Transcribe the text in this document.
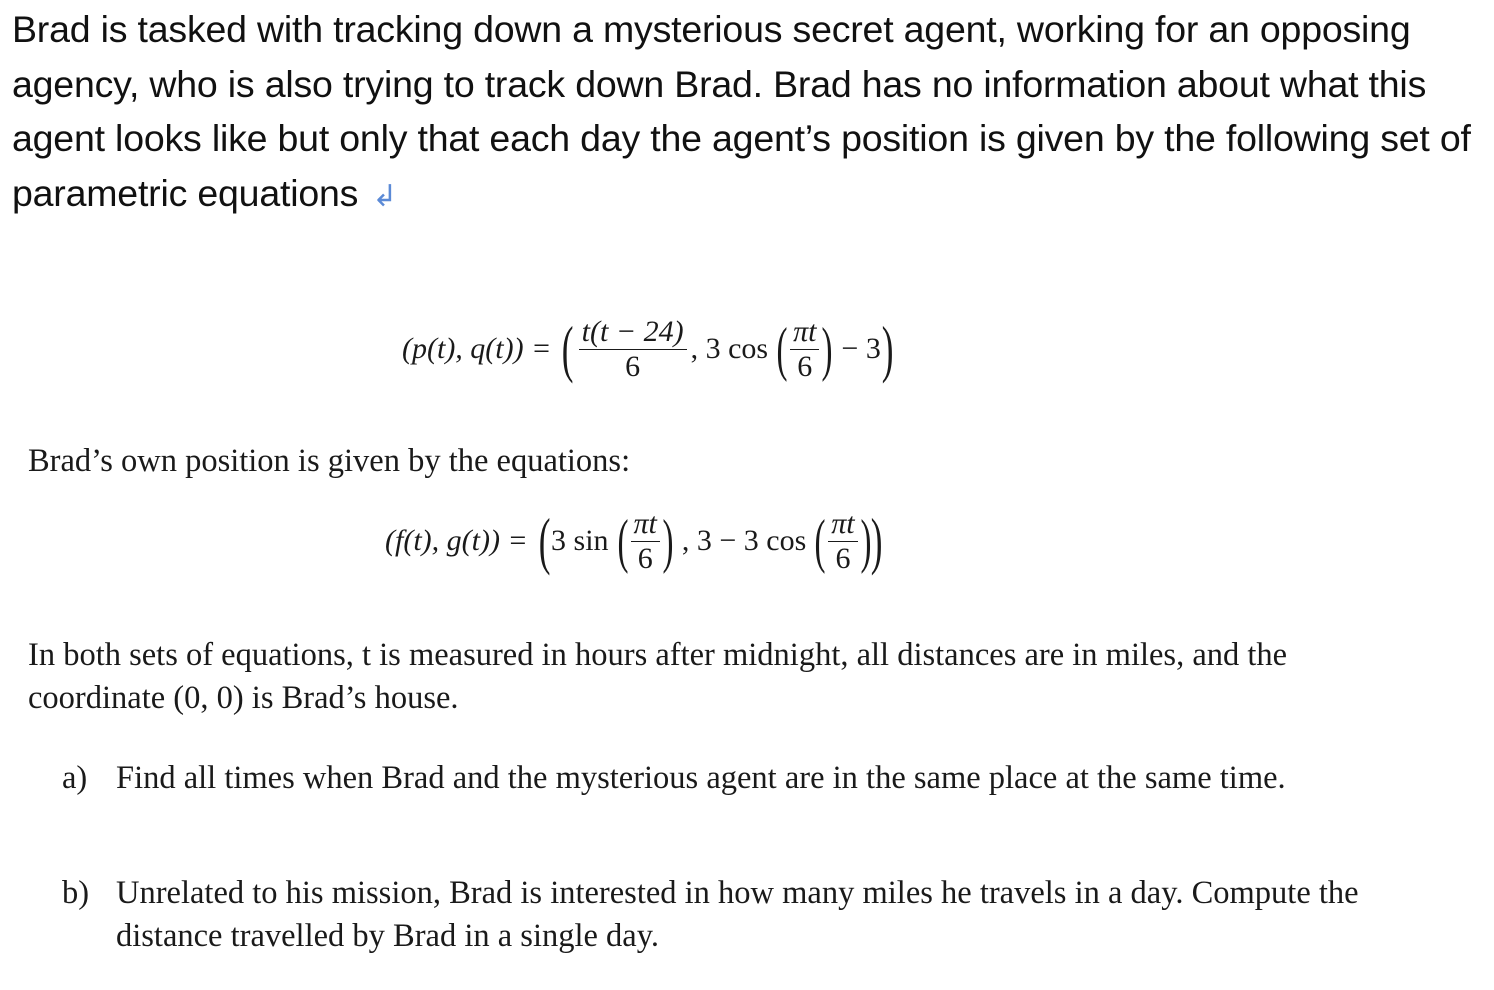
Brad is tasked with tracking down a mysterious secret agent, working for an opposing agency, who is also trying to track down Brad. Brad has no information about what this agent looks like but only that each day the agent’s position is given by the following set of parametric equations ↲

(p(t), q(t)) = ( $\frac{t(t - 24)}{6}$ , 3 cos ( $\frac{\pi t}{6}$ ) − 3 )

Brad’s own position is given by the equations:

(f(t), g(t)) = ( 3 sin ( $\frac{\pi t}{6}$ ) , 3 − 3 cos ( $\frac{\pi t}{6}$ ) )

In both sets of equations, t is measured in hours after midnight, all distances are in miles, and the coordinate (0, 0) is Brad’s house.

a) Find all times when Brad and the mysterious agent are in the same place at the same time.
b) Unrelated to his mission, Brad is interested in how many miles he travels in a day. Compute the distance travelled by Brad in a single day.
